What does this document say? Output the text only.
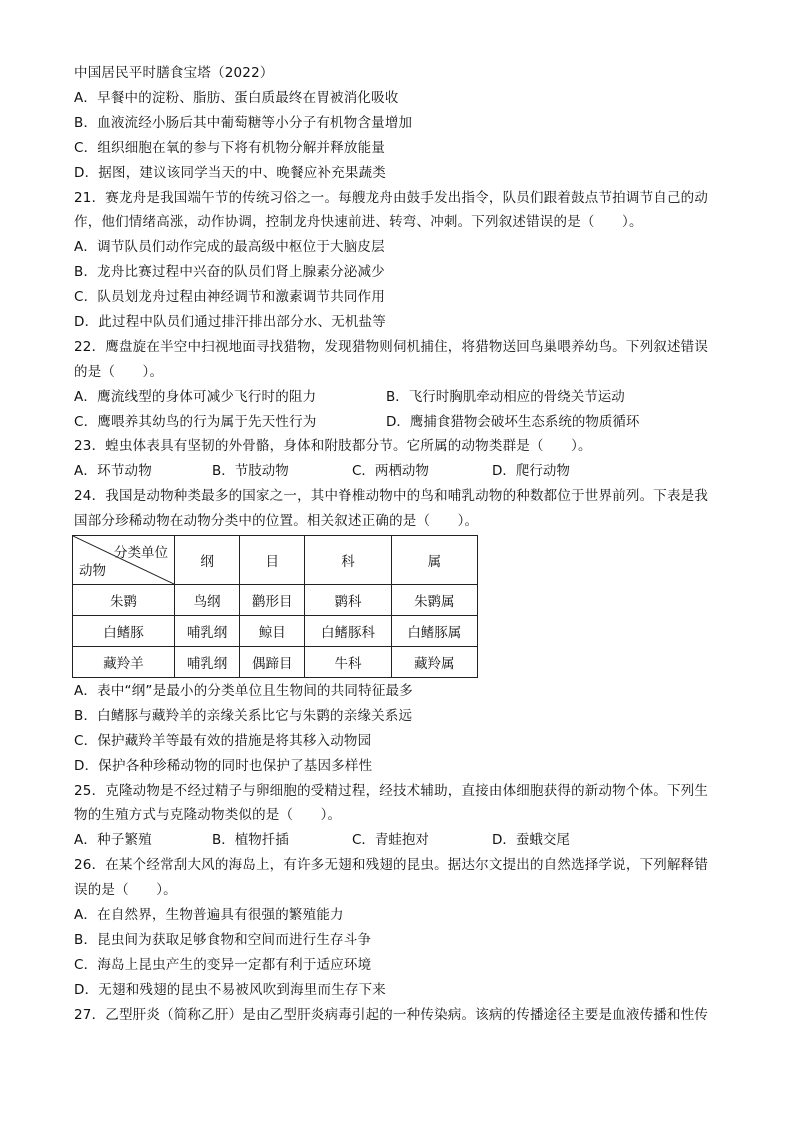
中国居民平时膳食宝塔（2022）
A．早餐中的淀粉、脂肪、蛋白质最终在胃被消化吸收
B．血液流经小肠后其中葡萄糖等小分子有机物含量增加
C．组织细胞在氧的参与下将有机物分解并释放能量
D．据图，建议该同学当天的中、晚餐应补充果蔬类
21．赛龙舟是我国端午节的传统习俗之一。每艘龙舟由鼓手发出指令，队员们跟着鼓点节拍调节自己的动
作，他们情绪高涨，动作协调，控制龙舟快速前进、转弯、冲刺。下列叙述错误的是（　　）。
A．调节队员们动作完成的最高级中枢位于大脑皮层
B．龙舟比赛过程中兴奋的队员们肾上腺素分泌减少
C．队员划龙舟过程由神经调节和激素调节共同作用
D．此过程中队员们通过排汗排出部分水、无机盐等
22．鹰盘旋在半空中扫视地面寻找猎物，发现猎物则伺机捕住，将猎物送回鸟巢喂养幼鸟。下列叙述错误
的是（　　）。
A．鹰流线型的身体可减少飞行时的阻力	B．飞行时胸肌牵动相应的骨绕关节运动
C．鹰喂养其幼鸟的行为属于先天性行为	D．鹰捕食猎物会破坏生态系统的物质循环
23．蝗虫体表具有坚韧的外骨骼，身体和附肢都分节。它所属的动物类群是（　　）。
A．环节动物	B．节肢动物	C．两栖动物	D．爬行动物
24．我国是动物种类最多的国家之一，其中脊椎动物中的鸟和哺乳动物的种数都位于世界前列。下表是我
国部分珍稀动物在动物分类中的位置。相关叙述正确的是（　　）。
分类单位
动物	纲	目	科	属
朱鹮	鸟纲	鹳形目	鹮科	朱鹮属
白鳍豚	哺乳纲	鲸目	白鳍豚科	白鳍豚属
藏羚羊	哺乳纲	偶蹄目	牛科	藏羚属
A．表中“纲”是最小的分类单位且生物间的共同特征最多
B．白鳍豚与藏羚羊的亲缘关系比它与朱鹮的亲缘关系远
C．保护藏羚羊等最有效的措施是将其移入动物园
D．保护各种珍稀动物的同时也保护了基因多样性
25．克隆动物是不经过精子与卵细胞的受精过程，经技术辅助，直接由体细胞获得的新动物个体。下列生
物的生殖方式与克隆动物类似的是（　　）。
A．种子繁殖	B．植物扦插	C．青蛙抱对	D．蚕蛾交尾
26．在某个经常刮大风的海岛上，有许多无翅和残翅的昆虫。据达尔文提出的自然选择学说，下列解释错
误的是（　　）。
A．在自然界，生物普遍具有很强的繁殖能力
B．昆虫间为获取足够食物和空间而进行生存斗争
C．海岛上昆虫产生的变异一定都有利于适应环境
D．无翅和残翅的昆虫不易被风吹到海里而生存下来
27．乙型肝炎（简称乙肝）是由乙型肝炎病毒引起的一种传染病。该病的传播途径主要是血液传播和性传
